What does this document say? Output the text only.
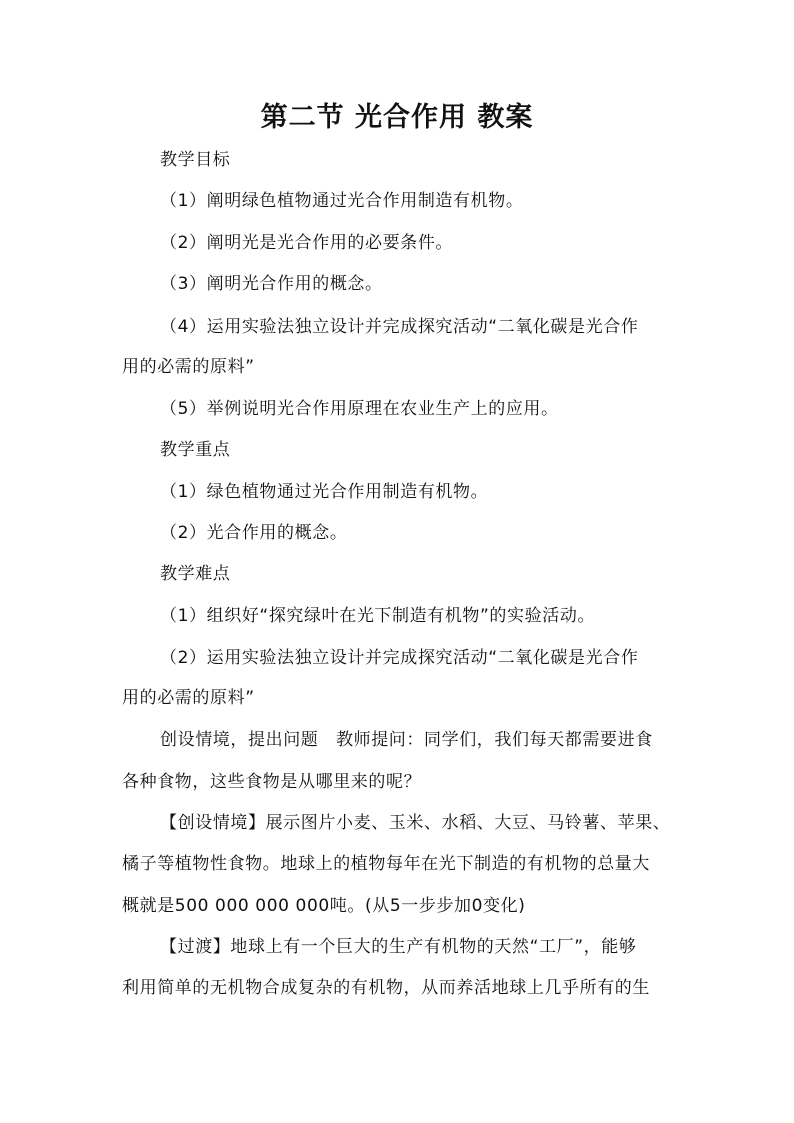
第二节 光合作用 教案
教学目标
（1）阐明绿色植物通过光合作用制造有机物。
（2）阐明光是光合作用的必要条件。
（3）阐明光合作用的概念。
（4）运用实验法独立设计并完成探究活动“二氧化碳是光合作
用的必需的原料”
（5）举例说明光合作用原理在农业生产上的应用。
教学重点
（1）绿色植物通过光合作用制造有机物。
（2）光合作用的概念。
教学难点
（1）组织好“探究绿叶在光下制造有机物”的实验活动。
（2）运用实验法独立设计并完成探究活动“二氧化碳是光合作
用的必需的原料”
创设情境，提出问题　教师提问：同学们，我们每天都需要进食
各种食物，这些食物是从哪里来的呢？
【创设情境】展示图片小麦、玉米、水稻、大豆、马铃薯、苹果、
橘子等植物性食物。地球上的植物每年在光下制造的有机物的总量大
概就是500 000 000 000吨。(从5一步步加0变化)
【过渡】地球上有一个巨大的生产有机物的天然“工厂”，能够
利用简单的无机物合成复杂的有机物，从而养活地球上几乎所有的生
